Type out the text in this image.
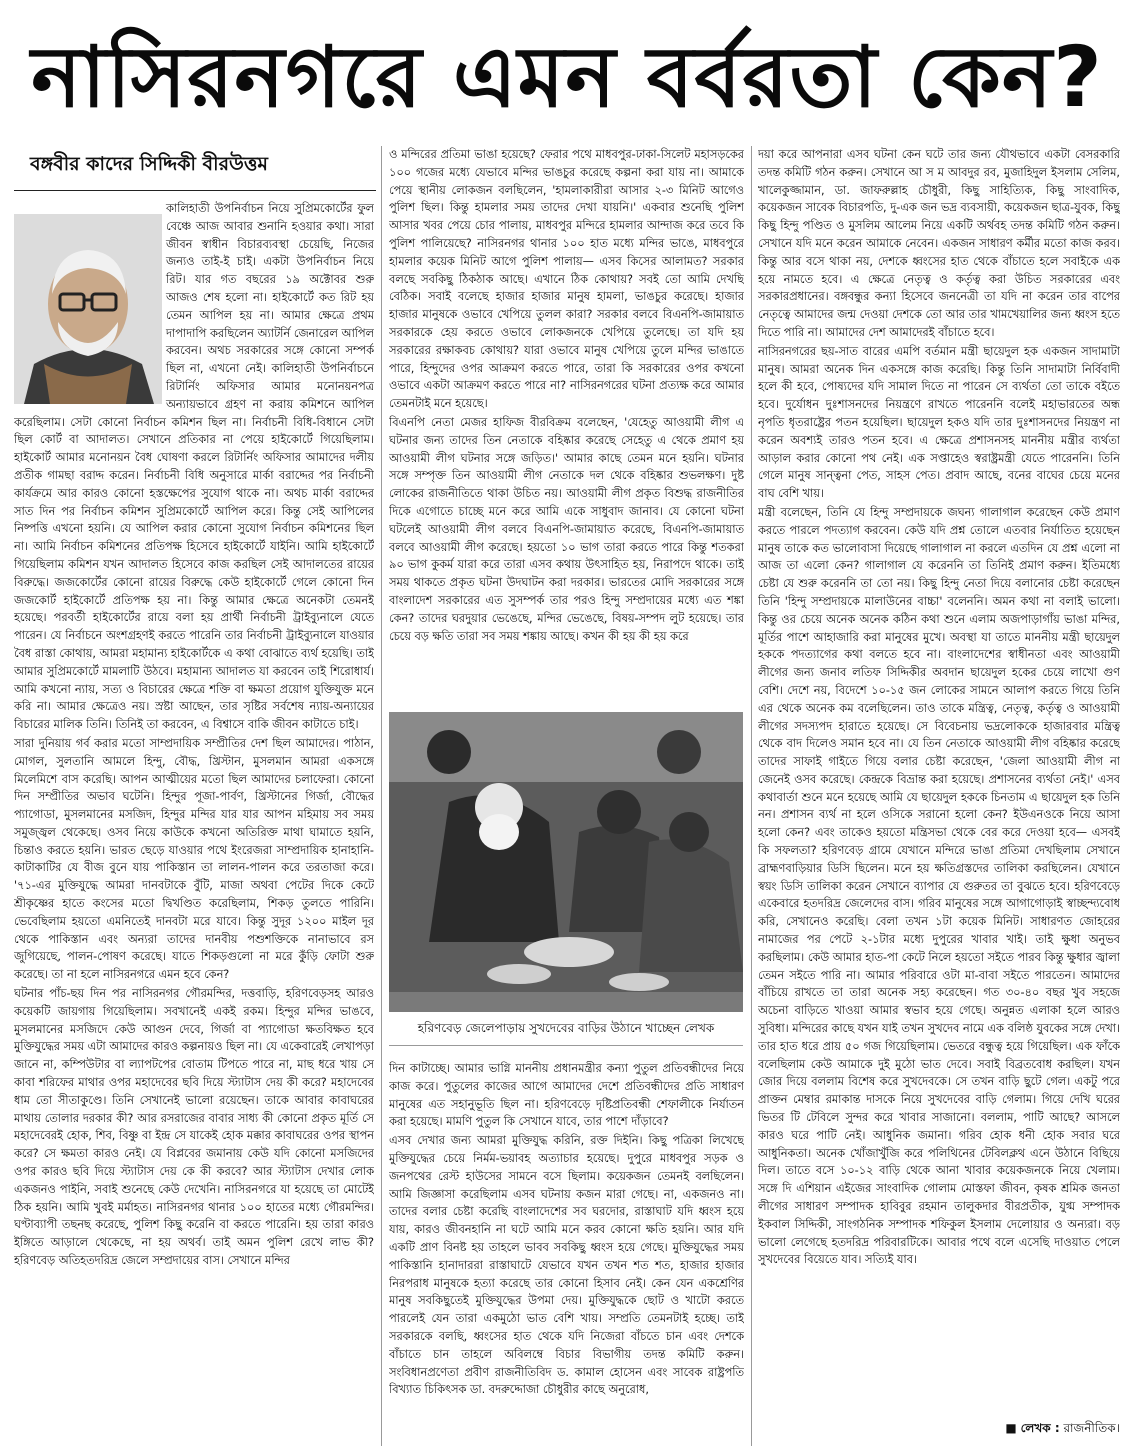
নাসিরনগরে এমন বর্বরতা কেন?
বঙ্গবীর কাদের সিদ্দিকী বীরউত্তম

কালিহাতী উপনির্বাচন নিয়ে সুপ্রিমকোর্টের ফুল বেঞ্চে আজ আবার শুনানি হওয়ার কথা। সারা জীবন স্বাধীন বিচারব্যবস্থা চেয়েছি, নিজের জন্যও তাই-ই চাই। একটা উপনির্বাচন নিয়ে রিট। যার গত বছরের ১৯ অক্টোবর শুরু আজও শেষ হলো না। হাইকোর্টে কত রিট হয় তেমন আপিল হয় না। আমার ক্ষেত্রে প্রথম দাপাদাপি করছিলেন অ্যাটর্নি জেনারেল আপিল করবেন। অথচ সরকারের সঙ্গে কোনো সম্পর্ক ছিল না, এখনো নেই। কালিহাতী উপনির্বাচনে রিটার্নিং অফিসার আমার মনোনয়নপত্র অন্যায়ভাবে গ্রহণ না করায় কমিশনে আপিল করেছিলাম। সেটা কোনো নির্বাচন কমিশন ছিল না। নির্বাচনী বিধি-বিধানে সেটা ছিল কোর্ট বা আদালত। সেখানে প্রতিকার না পেয়ে হাইকোর্টে গিয়েছিলাম। হাইকোর্ট আমার মনোনয়ন বৈধ ঘোষণা করলে রিটার্নিং অফিসার আমাদের দলীয় প্রতীক গামছা বরাদ্দ করেন। নির্বাচনী বিধি অনুসারে মার্কা বরাদ্দের পর নির্বাচনী কার্যক্রমে আর কারও কোনো হস্তক্ষেপের সুযোগ থাকে না। অথচ মার্কা বরাদ্দের সাত দিন পর নির্বাচন কমিশন সুপ্রিমকোর্টে আপিল করে। কিন্তু সেই আপিলের নিষ্পত্তি এখনো হয়নি। যে আপিল করার কোনো সুযোগ নির্বাচন কমিশনের ছিল না। আমি নির্বাচন কমিশনের প্রতিপক্ষ হিসেবে হাইকোর্টে যাইনি। আমি হাইকোর্টে গিয়েছিলাম কমিশন যখন আদালত হিসেবে কাজ করছিল সেই আদালতের রায়ের বিরুদ্ধে। জজকোর্টের কোনো রায়ের বিরুদ্ধে কেউ হাইকোর্টে গেলে কোনো দিন জজকোর্ট হাইকোর্টে প্রতিপক্ষ হয় না। কিন্তু আমার ক্ষেত্রে অনেকটা তেমনই হয়েছে। পরবর্তী হাইকোর্টের রায়ে বলা হয় প্রার্থী নির্বাচনী ট্রাইব্যুনালে যেতে পারেন। যে নির্বাচনে অংশগ্রহণই করতে পারেনি তার নির্বাচনী ট্রাইব্যুনালে যাওয়ার বৈধ রাস্তা কোথায়, আমরা মহামান্য হাইকোর্টকে এ কথা বোঝাতে ব্যর্থ হয়েছি। তাই আমার সুপ্রিমকোর্টে মামলাটি উঠবে। মহামান্য আদালত যা করবেন তাই শিরোধার্য। আমি কখনো ন্যায়, সত্য ও বিচারের ক্ষেত্রে শক্তি বা ক্ষমতা প্রয়োগ যুক্তিযুক্ত মনে করি না। আমার ক্ষেত্রেও নয়। স্রষ্টা আছেন, তার সৃষ্টির সর্বশেষ ন্যায়-অন্যায়ের বিচারের মালিক তিনি। তিনিই তা করবেন, এ বিশ্বাসে বাকি জীবন কাটাতে চাই।

সারা দুনিয়ায় গর্ব করার মতো সাম্প্রদায়িক সম্প্রীতির দেশ ছিল আমাদের। পাঠান, মোগল, সুলতানি আমলে হিন্দু, বৌদ্ধ, খ্রিস্টান, মুসলমান আমরা একসঙ্গে মিলেমিশে বাস করেছি। আপন আত্মীয়ের মতো ছিল আমাদের চলাফেরা। কোনো দিন সম্প্রীতির অভাব ঘটেনি। হিন্দুর পূজা-পার্বণ, খ্রিস্টানের গির্জা, বৌদ্ধের প্যাগোডা, মুসলমানের মসজিদ, হিন্দুর মন্দির যার যার আপন মহিমায় সব সময় সমুজ্জ্বল থেকেছে। ওসব নিয়ে কাউকে কখনো অতিরিক্ত মাথা ঘামাতে হয়নি, চিন্তাও করতে হয়নি। ভারত ছেড়ে যাওয়ার পথে ইংরেজরা সাম্প্রদায়িক হানাহানি-কাটাকাটির যে বীজ বুনে যায় পাকিস্তান তা লালন-পালন করে তরতাজা করে। '৭১-এর মুক্তিযুদ্ধে আমরা দানবটাকে বুঁটি, মাজা অথবা পেটের দিকে কেটে শ্রীকৃষ্ণের হাতে কংসের মতো দ্বিখণ্ডিত করেছিলাম, শিকড় তুলতে পারিনি। ভেবেছিলাম হয়তো এমনিতেই দানবটা মরে যাবে। কিন্তু সুদূর ১২০০ মাইল দূর থেকে পাকিস্তান এবং অন্যরা তাদের দানবীয় পশুশক্তিকে নানাভাবে রস জুগিয়েছে, পালন-পোষণ করেছে। যাতে শিকড়গুলো না মরে কুঁড়ি ফোটা শুরু করেছে। তা না হলে নাসিরনগরে এমন হবে কেন?

ঘটনার পাঁচ-ছয় দিন পর নাসিরনগর গৌরমন্দির, দত্তবাড়ি, হরিণবেড়সহ আরও কয়েকটি জায়গায় গিয়েছিলাম। সবখানেই একই রকম। হিন্দুর মন্দির ভাঙবে, মুসলমানের মসজিদে কেউ আগুন দেবে, গির্জা বা প্যাগোডা ক্ষতবিক্ষত হবে মুক্তিযুদ্ধের সময় এটা আমাদের কারও কল্পনায়ও ছিল না। যে একেবারেই লেখাপড়া জানে না, কম্পিউটার বা ল্যাপটপের বোতাম টিপতে পারে না, মাছ ধরে খায় সে কাবা শরিফের মাথার ওপর মহাদেবের ছবি দিয়ে স্ট্যাটাস দেয় কী করে? মহাদেবের ধাম তো সীতাকুণ্ডে। তিনি সেখানেই ভালো রয়েছেন। তাকে আবার কাবাঘরের মাথায় তোলার দরকার কী? আর রসরাজের বাবার সাধ্য কী কোনো প্রকৃত মূর্তি সে মহাদেবেরই হোক, শিব, বিষ্ণু বা ইন্দ্র সে যাকেই হোক মক্কার কাবাঘরের ওপর স্থাপন করে? সে ক্ষমতা কারও নেই। যে বিপ্লবের জমানায় কেউ যদি কোনো মসজিদের ওপর কারও ছবি দিয়ে স্ট্যাটাস দেয় কে কী করবে? আর স্ট্যাটাস দেখার লোক একজনও পাইনি, সবাই শুনেছে কেউ দেখেনি। নাসিরনগরে যা হয়েছে তা মোটেই ঠিক হয়নি। আমি খুবই মর্মাহত। নাসিরনগর থানার ১০০ হাতের মধ্যে গৌরমন্দির। ঘণ্টাব্যাপী তছনছ করেছে, পুলিশ কিছু করেনি বা করতে পারেনি। হয় তারা কারও ইঙ্গিতে আড়ালে থেকেছে, না হয় অথর্ব। তাই অমন পুলিশ রেখে লাভ কী? হরিণবেড় অতিহতদরিদ্র জেলে সম্প্রদায়ের বাস। সেখানে মন্দির

ও মন্দিরের প্রতিমা ভাঙা হয়েছে? ফেরার পথে মাধবপুর-ঢাকা-সিলেট মহাসড়কের ১০০ গজের মধ্যে যেভাবে মন্দির ভাঙচুর করেছে কল্পনা করা যায় না। আমাকে পেয়ে স্থানীয় লোকজন বলছিলেন, 'হামলাকারীরা আসার ২-৩ মিনিট আগেও পুলিশ ছিল। কিন্তু হামলার সময় তাদের দেখা যায়নি।' একবার শুনেছি পুলিশ আসার খবর পেয়ে চোর পালায়, মাধবপুর মন্দিরে হামলার আন্দাজ করে তবে কি পুলিশ পালিয়েছে? নাসিরনগর থানার ১০০ হাত মধ্যে মন্দির ভাঙে, মাধবপুরে হামলার কয়েক মিনিট আগে পুলিশ পালায়— এসব কিসের আলামত? সরকার বলছে সবকিছু ঠিকঠাক আছে। এখানে ঠিক কোথায়? সবই তো আমি দেখছি বেঠিক। সবাই বলেছে হাজার হাজার মানুষ হামলা, ভাঙচুর করেছে। হাজার হাজার মানুষকে ওভাবে খেপিয়ে তুলল কারা? সরকার বলবে বিএনপি-জামায়াত সরকারকে হেয় করতে ওভাবে লোকজনকে খেপিয়ে তুলেছে। তা যদি হয় সরকারের রক্ষাকবচ কোথায়? যারা ওভাবে মানুষ খেপিয়ে তুলে মন্দির ভাঙাতে পারে, হিন্দুদের ওপর আক্রমণ করতে পারে, তারা কি সরকারের ওপর কখনো ওভাবে একটা আক্রমণ করতে পারে না? নাসিরনগরের ঘটনা প্রত্যক্ষ করে আমার তেমনটাই মনে হয়েছে।

বিএনপি নেতা মেজর হাফিজ বীরবিক্রম বলেছেন, 'যেহেতু আওয়ামী লীগ এ ঘটনার জন্য তাদের তিন নেতাকে বহিষ্কার করেছে সেহেতু এ থেকে প্রমাণ হয় আওয়ামী লীগ ঘটনার সঙ্গে জড়িত।' আমার কাছে তেমন মনে হয়নি। ঘটনার সঙ্গে সম্পৃক্ত তিন আওয়ামী লীগ নেতাকে দল থেকে বহিষ্কার শুভলক্ষণ। দুষ্ট লোকের রাজনীতিতে থাকা উচিত নয়। আওয়ামী লীগ প্রকৃত বিশুদ্ধ রাজনীতির দিকে এগোতে চাচ্ছে মনে করে আমি একে সাধুবাদ জানাব। যে কোনো ঘটনা ঘটলেই আওয়ামী লীগ বলবে বিএনপি-জামায়াত করেছে, বিএনপি-জামায়াত বলবে আওয়ামী লীগ করেছে। হয়তো ১০ ভাগ তারা করতে পারে কিন্তু শতকরা ৯০ ভাগ কুকর্ম যারা করে তারা এসব কথায় উৎসাহিত হয়, নিরাপদে থাকে। তাই সময় থাকতে প্রকৃত ঘটনা উদঘাটন করা দরকার। ভারতের মোদি সরকারের সঙ্গে বাংলাদেশ সরকারের এত সুসম্পর্ক তার পরও হিন্দু সম্প্রদায়ের মধ্যে এত শঙ্কা কেন? তাদের ঘরদুয়ার ভেঙেছে, মন্দির ভেঙেছে, বিষয়-সম্পদ লুট হয়েছে। তার চেয়ে বড় ক্ষতি তারা সব সময় শঙ্কায় আছে। কখন কী হয় কী হয় করে

হরিণবেড় জেলেপাড়ায় সুখদেবের বাড়ির উঠানে খাচ্ছেন লেখক

দিন কাটাচ্ছে। আমার ভাগ্নি মাননীয় প্রধানমন্ত্রীর কন্যা পুতুল প্রতিবন্ধীদের নিয়ে কাজ করে। পুতুলের কাজের আগে আমাদের দেশে প্রতিবন্ধীদের প্রতি সাধারণ মানুষের এত সহানুভূতি ছিল না। হরিণবেড়ে দৃষ্টিপ্রতিবন্ধী শেফালীকে নির্যাতন করা হয়েছে। মামণি পুতুল কি সেখানে যাবে, তার পাশে দাঁড়াবে?

এসব দেখার জন্য আমরা মুক্তিযুদ্ধ করিনি, রক্ত দিইনি। কিছু পত্রিকা লিখেছে মুক্তিযুদ্ধের চেয়ে নির্মম-ভয়াবহ অত্যাচার হয়েছে। দুপুরে মাধবপুর সড়ক ও জনপথের রেস্ট হাউসের সামনে বসে ছিলাম। কয়েকজন তেমনই বলছিলেন। আমি জিজ্ঞাসা করেছিলাম এসব ঘটনায় কজন মারা গেছে। না, একজনও না। তাদের বলার চেষ্টা করেছি বাংলাদেশের সব ঘরদোর, রাস্তাঘাট যদি ধ্বংস হয়ে যায়, কারও জীবনহানি না ঘটে আমি মনে করব কোনো ক্ষতি হয়নি। আর যদি একটি প্রাণ বিনষ্ট হয় তাহলে ভাবব সবকিছু ধ্বংস হয়ে গেছে। মুক্তিযুদ্ধের সময় পাকিস্তানি হানাদাররা রাস্তাঘাটে যেভাবে যখন তখন শত শত, হাজার হাজার নিরপরাধ মানুষকে হত্যা করেছে তার কোনো হিসাব নেই। কেন যেন একশ্রেণির মানুষ সবকিছুতেই মুক্তিযুদ্ধের উপমা দেয়। মুক্তিযুদ্ধকে ছোট ও খাটো করতে পারলেই যেন তারা একমুঠো ভাত বেশি খায়। সম্প্রতি তেমনটাই হচ্ছে। তাই সরকারকে বলছি, ধ্বংসের হাত থেকে যদি নিজেরা বাঁচতে চান এবং দেশকে বাঁচাতে চান তাহলে অবিলম্বে বিচার বিভাগীয় তদন্ত কমিটি করুন। সংবিধানপ্রণেতা প্রবীণ রাজনীতিবিদ ড. কামাল হোসেন এবং সাবেক রাষ্ট্রপতি বিখ্যাত চিকিৎসক ডা. বদরুদ্দোজা চৌধুরীর কাছে অনুরোধ,

দয়া করে আপনারা এসব ঘটনা কেন ঘটে তার জন্য যৌথভাবে একটা বেসরকারি তদন্ত কমিটি গঠন করুন। সেখানে আ স ম আবদুর রব, মুজাহিদুল ইসলাম সেলিম, খালেকুজ্জামান, ডা. জাফরুল্লাহ চৌধুরী, কিছু সাহিত্যিক, কিছু সাংবাদিক, কয়েকজন সাবেক বিচারপতি, দু-এক জন ভদ্র ব্যবসায়ী, কয়েকজন ছাত্র-যুবক, কিছু কিছু হিন্দু পণ্ডিত ও মুসলিম আলেম নিয়ে একটি অর্থবহ তদন্ত কমিটি গঠন করুন। সেখানে যদি মনে করেন আমাকে নেবেন। একজন সাধারণ কর্মীর মতো কাজ করব। কিন্তু আর বসে থাকা নয়, দেশকে ধ্বংসের হাত থেকে বাঁচাতে হলে সবাইকে এক হয়ে নামতে হবে। এ ক্ষেত্রে নেতৃত্ব ও কর্তৃত্ব করা উচিত সরকারের এবং সরকারপ্রধানের। বঙ্গবন্ধুর কন্যা হিসেবে জননেত্রী তা যদি না করেন তার বাপের নেতৃত্বে আমাদের জন্ম দেওয়া দেশকে তো আর তার খামখেয়ালির জন্য ধ্বংস হতে দিতে পারি না। আমাদের দেশ আমাদেরই বাঁচাতে হবে।

নাসিরনগরের ছয়-সাত বারের এমপি বর্তমান মন্ত্রী ছায়েদুল হক একজন সাদামাটা মানুষ। আমরা অনেক দিন একসঙ্গে কাজ করেছি। কিন্তু তিনি সাদামাটা নির্বিবাদী হলে কী হবে, পোষ্যদের যদি সামাল দিতে না পারেন সে ব্যর্থতা তো তাকে বইতে হবে। দুর্যোধন দুঃশাসনদের নিয়ন্ত্রণে রাখতে পারেননি বলেই মহাভারতের অন্ধ নৃপতি ধৃতরাষ্ট্রের পতন হয়েছিল। ছায়েদুল হকও যদি তার দুঃশাসনদের নিয়ন্ত্রণ না করেন অবশ্যই তারও পতন হবে। এ ক্ষেত্রে প্রশাসনসহ মাননীয় মন্ত্রীর ব্যর্থতা আড়াল করার কোনো পথ নেই। এক সপ্তাহেও স্বরাষ্ট্রমন্ত্রী যেতে পারেননি। তিনি গেলে মানুষ সান্ত্বনা পেত, সাহস পেত। প্রবাদ আছে, বনের বাঘের চেয়ে মনের বাঘ বেশি খায়।

মন্ত্রী বলেছেন, তিনি যে হিন্দু সম্প্রদায়কে জঘন্য গালাগাল করেছেন কেউ প্রমাণ করতে পারলে পদত্যাগ করবেন। কেউ যদি প্রশ্ন তোলে এতবার নির্যাতিত হয়েছেন মানুষ তাকে কত ভালোবাসা দিয়েছে গালাগাল না করলে এতদিন যে প্রশ্ন এলো না আজ তা এলো কেন? গালাগাল যে করেননি তা তিনিই প্রমাণ করুন। ইতিমধ্যে চেষ্টা যে শুরু করেননি তা তো নয়। কিছু হিন্দু নেতা দিয়ে বলানোর চেষ্টা করেছেন তিনি 'হিন্দু সম্প্রদায়কে মালাউনের বাচ্চা' বলেননি। অমন কথা না বলাই ভালো। কিন্তু ওর চেয়ে অনেক অনেক কঠিন কথা শুনে এলাম অজপাড়াগাঁয় ভাঙা মন্দির, মূর্তির পাশে আহাজারি করা মানুষের মুখে। অবস্থা যা তাতে মাননীয় মন্ত্রী ছায়েদুল হককে পদত্যাগের কথা বলতে হবে না। বাংলাদেশের স্বাধীনতা এবং আওয়ামী লীগের জন্য জনাব লতিফ সিদ্দিকীর অবদান ছায়েদুল হকের চেয়ে লাখো গুণ বেশি। দেশে নয়, বিদেশে ১০-১৫ জন লোকের সামনে আলাপ করতে গিয়ে তিনি এর থেকে অনেক কম বলেছিলেন। তাও তাকে মন্ত্রিত্ব, নেতৃত্ব, কর্তৃত্ব ও আওয়ামী লীগের সদস্যপদ হারাতে হয়েছে। সে বিবেচনায় ভদ্রলোককে হাজারবার মন্ত্রিত্ব থেকে বাদ দিলেও সমান হবে না। যে তিন নেতাকে আওয়ামী লীগ বহিষ্কার করেছে তাদের সাফাই গাইতে গিয়ে বলার চেষ্টা করেছেন, 'জেলা আওয়ামী লীগ না জেনেই ওসব করেছে। কেন্দ্রকে বিভ্রান্ত করা হয়েছে। প্রশাসনের ব্যর্থতা নেই।' এসব কথাবার্তা শুনে মনে হয়েছে আমি যে ছায়েদুল হককে চিনতাম এ ছায়েদুল হক তিনি নন। প্রশাসন ব্যর্থ না হলে ওসিকে সরানো হলো কেন? ইউএনওকে নিয়ে আসা হলো কেন? এবং তাকেও হয়তো মন্ত্রিসভা থেকে বের করে দেওয়া হবে— এসবই কি সফলতা? হরিণবেড় গ্রামে যেখানে মন্দিরে ভাঙা প্রতিমা দেখছিলাম সেখানে ব্রাহ্মণবাড়িয়ার ডিসি ছিলেন। মনে হয় ক্ষতিগ্রস্তদের তালিকা করছিলেন। যেখানে স্বয়ং ডিসি তালিকা করেন সেখানে ব্যাপার যে গুরুতর তা বুঝতে হবে। হরিণবেড়ে একেবারে হতদরিদ্র জেলেদের বাস। গরিব মানুষের সঙ্গে আগাগোড়াই স্বাচ্ছন্দ্যবোধ করি, সেখানেও করেছি। বেলা তখন ১টা কয়েক মিনিট। সাধারণত জোহরের নামাজের পর পেটে ২-১টার মধ্যে দুপুরের খাবার খাই। তাই ক্ষুধা অনুভব করছিলাম। কেউ আমার হাত-পা কেটে নিলে হয়তো সইতে পারব কিন্তু ক্ষুধার জ্বালা তেমন সইতে পারি না। আমার পরিবারে ওটা মা-বাবা সইতে পারতেন। আমাদের বাঁচিয়ে রাখতে তা তারা অনেক সহ্য করেছেন। গত ৩০-৪০ বছর খুব সহজে অচেনা বাড়িতে খাওয়া আমার স্বভাব হয়ে গেছে। অনুন্নত এলাকা হলে আরও সুবিধা। মন্দিরের কাছে যখন যাই তখন সুখদেব নামে এক বলিষ্ঠ যুবকের সঙ্গে দেখা। তার হাত ধরে প্রায় ৫০ গজ গিয়েছিলাম। ভেতরে বন্ধুত্ব হয়ে গিয়েছিল। এক ফাঁকে বলেছিলাম কেউ আমাকে দুই মুঠো ভাত দেবে। সবাই বিব্রতবোধ করছিল। যখন জোর দিয়ে বললাম বিশেষ করে সুখদেবকে। সে তখন বাড়ি ছুটে গেল। একটু পরে প্রাক্তন মেম্বার রমাকান্ত দাসকে নিয়ে সুখদেবের বাড়ি গেলাম। গিয়ে দেখি ঘরের ভিতর টি টেবিলে সুন্দর করে খাবার সাজানো। বললাম, পাটি আছে? আসলে কারও ঘরে পাটি নেই। আধুনিক জমানা। গরিব হোক ধনী হোক সবার ঘরে আধুনিকতা। অনেক খোঁজাখুঁজি করে পলিথিনের টেবিলক্লথ এনে উঠানে বিছিয়ে দিল। তাতে বসে ১০-১২ বাড়ি থেকে আনা খাবার কয়েকজনকে নিয়ে খেলাম। সঙ্গে দি এশিয়ান এইজের সাংবাদিক গোলাম মোস্তফা জীবন, কৃষক শ্রমিক জনতা লীগের সাধারণ সম্পাদক হাবিবুর রহমান তালুকদার বীরপ্রতীক, যুগ্ম সম্পাদক ইকবাল সিদ্দিকী, সাংগঠনিক সম্পাদক শফিকুল ইসলাম দেলোয়ার ও অন্যরা। বড় ভালো লেগেছে হতদরিদ্র পরিবারটিকে। আবার পথে বলে এসেছি দাওয়াত পেলে সুখদেবের বিয়েতে যাব। সত্যিই যাব।

■ লেখক : রাজনীতিক।
